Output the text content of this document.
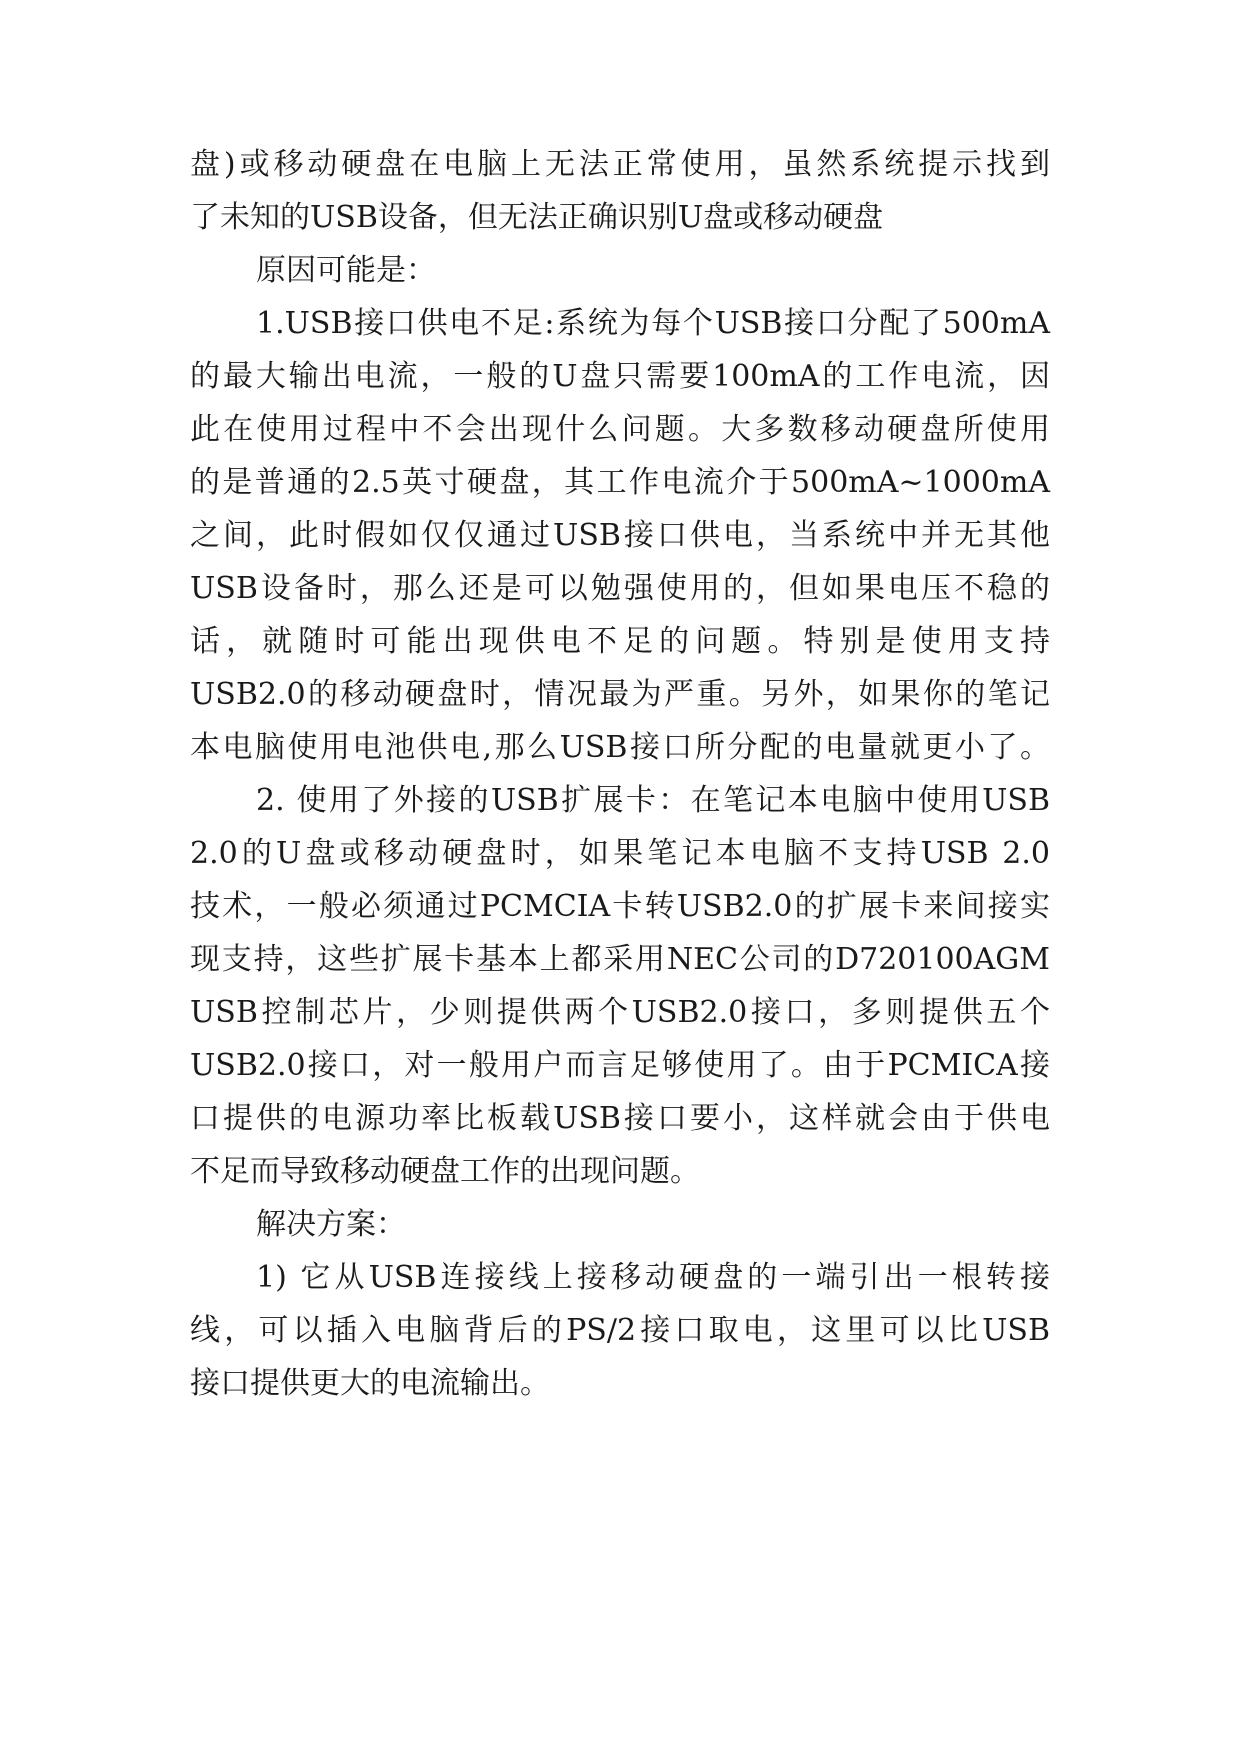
盘)或移动硬盘在电脑上无法正常使用，虽然系统提示找到
了未知的USB设备，但无法正确识别U盘或移动硬盘
原因可能是：
1.USB接口供电不足:系统为每个USB接口分配了500mA
的最大输出电流，一般的U盘只需要100mA的工作电流，因
此在使用过程中不会出现什么问题。大多数移动硬盘所使用
的是普通的2.5英寸硬盘，其工作电流介于500mA~1000mA
之间，此时假如仅仅通过USB接口供电，当系统中并无其他
USB设备时，那么还是可以勉强使用的，但如果电压不稳的
话，就随时可能出现供电不足的问题。特别是使用支持
USB2.0的移动硬盘时，情况最为严重。另外，如果你的笔记
本电脑使用电池供电,那么USB接口所分配的电量就更小了。
2. 使用了外接的USB扩展卡：在笔记本电脑中使用USB
2.0的U盘或移动硬盘时，如果笔记本电脑不支持USB 2.0
技术，一般必须通过PCMCIA卡转USB2.0的扩展卡来间接实
现支持，这些扩展卡基本上都采用NEC公司的D720100AGM
USB控制芯片，少则提供两个USB2.0接口，多则提供五个
USB2.0接口，对一般用户而言足够使用了。由于PCMICA接
口提供的电源功率比板载USB接口要小，这样就会由于供电
不足而导致移动硬盘工作的出现问题。
解决方案：
1) 它从USB连接线上接移动硬盘的一端引出一根转接
线，可以插入电脑背后的PS/2接口取电，这里可以比USB
接口提供更大的电流输出。
